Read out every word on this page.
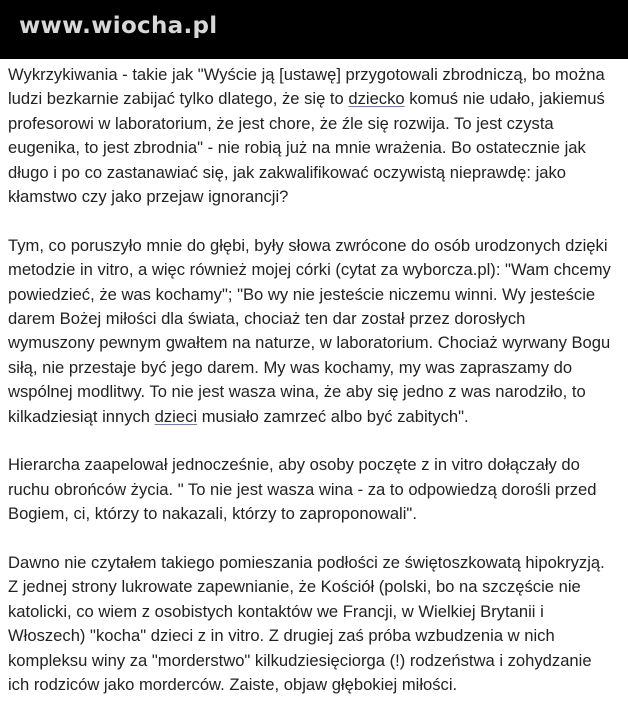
www.wiocha.pl
Wykrzykiwania - takie jak "Wyście ją [ustawę] przygotowali zbrodniczą, bo można
ludzi bezkarnie zabijać tylko dlatego, że się to dziecko komuś nie udało, jakiemuś
profesorowi w laboratorium, że jest chore, że źle się rozwija. To jest czysta
eugenika, to jest zbrodnia" - nie robią już na mnie wrażenia. Bo ostatecznie jak
długo i po co zastanawiać się, jak zakwalifikować oczywistą nieprawdę: jako
kłamstwo czy jako przejaw ignorancji?
Tym, co poruszyło mnie do głębi, były słowa zwrócone do osób urodzonych dzięki
metodzie in vitro, a więc również mojej córki (cytat za wyborcza.pl): "Wam chcemy
powiedzieć, że was kochamy"; "Bo wy nie jesteście niczemu winni. Wy jesteście
darem Bożej miłości dla świata, chociaż ten dar został przez dorosłych
wymuszony pewnym gwałtem na naturze, w laboratorium. Chociaż wyrwany Bogu
siłą, nie przestaje być jego darem. My was kochamy, my was zapraszamy do
wspólnej modlitwy. To nie jest wasza wina, że aby się jedno z was narodziło, to
kilkadziesiąt innych dzieci musiało zamrzeć albo być zabitych".
Hierarcha zaapelował jednocześnie, aby osoby poczęte z in vitro dołączały do
ruchu obrońców życia. " To nie jest wasza wina - za to odpowiedzą dorośli przed
Bogiem, ci, którzy to nakazali, którzy to zaproponowali".
Dawno nie czytałem takiego pomieszania podłości ze świętoszkowatą hipokryzją.
Z jednej strony lukrowate zapewnianie, że Kościół (polski, bo na szczęście nie
katolicki, co wiem z osobistych kontaktów we Francji, w Wielkiej Brytanii i
Włoszech) "kocha" dzieci z in vitro. Z drugiej zaś próba wzbudzenia w nich
kompleksu winy za "morderstwo" kilkudziesięciorga (!) rodzeństwa i zohydzanie
ich rodziców jako morderców. Zaiste, objaw głębokiej miłości.
